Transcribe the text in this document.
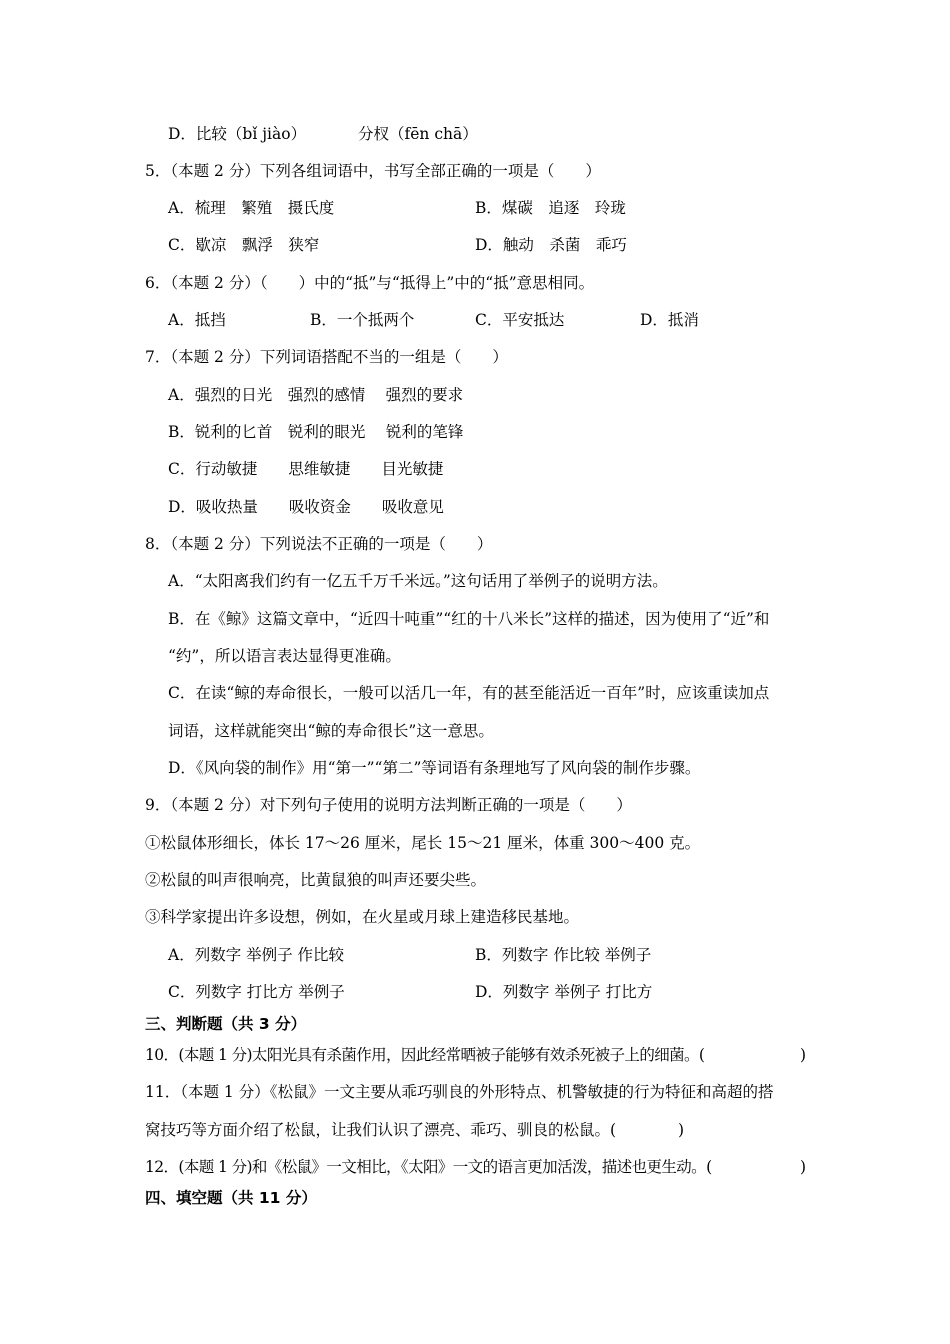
D．比较（bǐ jiào）	分杈（fēn chā）
5．（本题 2 分）下列各组词语中，书写全部正确的一项是（　　）
A．梳理　繁殖　摄氏度	B．煤碳　追逐　玲珑
C．歇凉　飘浮　狭窄	D．触动　杀菌　乖巧
6．（本题 2 分）（　　）中的“抵”与“抵得上”中的“抵”意思相同。
A．抵挡	B．一个抵两个	C．平安抵达	D．抵消
7．（本题 2 分）下列词语搭配不当的一组是（　　）
A．强烈的日光　强烈的感情　 强烈的要求
B．锐利的匕首　锐利的眼光　 锐利的笔锋
C．行动敏捷　　思维敏捷　　目光敏捷
D．吸收热量　　吸收资金　　吸收意见
8．（本题 2 分）下列说法不正确的一项是（　　）
A．“太阳离我们约有一亿五千万千米远。”这句话用了举例子的说明方法。
B．在《鲸》这篇文章中，“近四十吨重”“红的十八米长”这样的描述，因为使用了“近”和
“约”，所以语言表达显得更准确。
C．在读“鲸的寿命很长，一般可以活几一年，有的甚至能活近一百年”时，应该重读加点
词语，这样就能突出“鲸的寿命很长”这一意思。
D．《风向袋的制作》用“第一”“第二”等词语有条理地写了风向袋的制作步骤。
9．（本题 2 分）对下列句子使用的说明方法判断正确的一项是（　　）
①松鼠体形细长，体长 17～26 厘米，尾长 15～21 厘米，体重 300～400 克。
②松鼠的叫声很响亮，比黄鼠狼的叫声还要尖些。
③科学家提出许多设想，例如，在火星或月球上建造移民基地。
A．列数字 举例子 作比较	B．列数字 作比较 举例子
C．列数字 打比方 举例子	D．列数字 举例子 打比方
三、判断题（共 3 分）
10．(本题 1 分)太阳光具有杀菌作用，因此经常晒被子能够有效杀死被子上的细菌。(	)
11．（本题 1 分）《松鼠》一文主要从乖巧驯良的外形特点、机警敏捷的行为特征和高超的搭
窝技巧等方面介绍了松鼠，让我们认识了漂亮、乖巧、驯良的松鼠。(　　　　)
12．(本题 1 分)和《松鼠》一文相比，《太阳》一文的语言更加活泼，描述也更生动。(	)
四、填空题（共 11 分）
